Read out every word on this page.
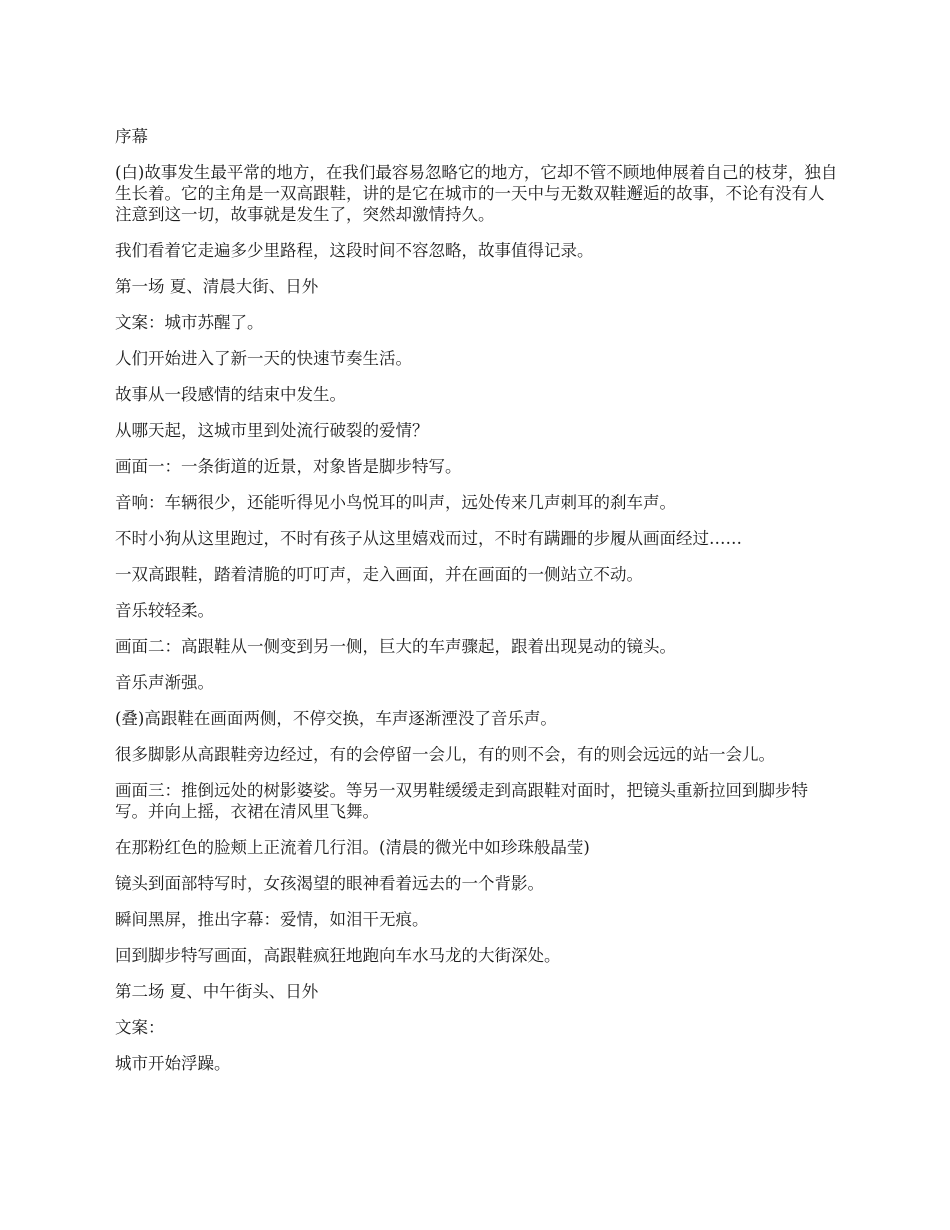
序幕

(白)故事发生最平常的地方，在我们最容易忽略它的地方，它却不管不顾地伸展着自己的枝芽，独自生长着。它的主角是一双高跟鞋，讲的是它在城市的一天中与无数双鞋邂逅的故事，不论有没有人注意到这一切，故事就是发生了，突然却激情持久。

我们看着它走遍多少里路程，这段时间不容忽略，故事值得记录。

第一场 夏、清晨大街、日外

文案：城市苏醒了。

人们开始进入了新一天的快速节奏生活。

故事从一段感情的结束中发生。

从哪天起，这城市里到处流行破裂的爱情？

画面一：一条街道的近景，对象皆是脚步特写。

音响：车辆很少，还能听得见小鸟悦耳的叫声，远处传来几声刺耳的刹车声。

不时小狗从这里跑过，不时有孩子从这里嬉戏而过，不时有蹒跚的步履从画面经过……

一双高跟鞋，踏着清脆的叮叮声，走入画面，并在画面的一侧站立不动。

音乐较轻柔。

画面二：高跟鞋从一侧变到另一侧，巨大的车声骤起，跟着出现晃动的镜头。

音乐声渐强。

(叠)高跟鞋在画面两侧，不停交换，车声逐渐湮没了音乐声。

很多脚影从高跟鞋旁边经过，有的会停留一会儿，有的则不会，有的则会远远的站一会儿。

画面三：推倒远处的树影婆娑。等另一双男鞋缓缓走到高跟鞋对面时，把镜头重新拉回到脚步特写。并向上摇，衣裙在清风里飞舞。

在那粉红色的脸颊上正流着几行泪。(清晨的微光中如珍珠般晶莹)

镜头到面部特写时，女孩渴望的眼神看着远去的一个背影。

瞬间黑屏，推出字幕：爱情，如泪干无痕。

回到脚步特写画面，高跟鞋疯狂地跑向车水马龙的大街深处。

第二场 夏、中午街头、日外

文案：

城市开始浮躁。
